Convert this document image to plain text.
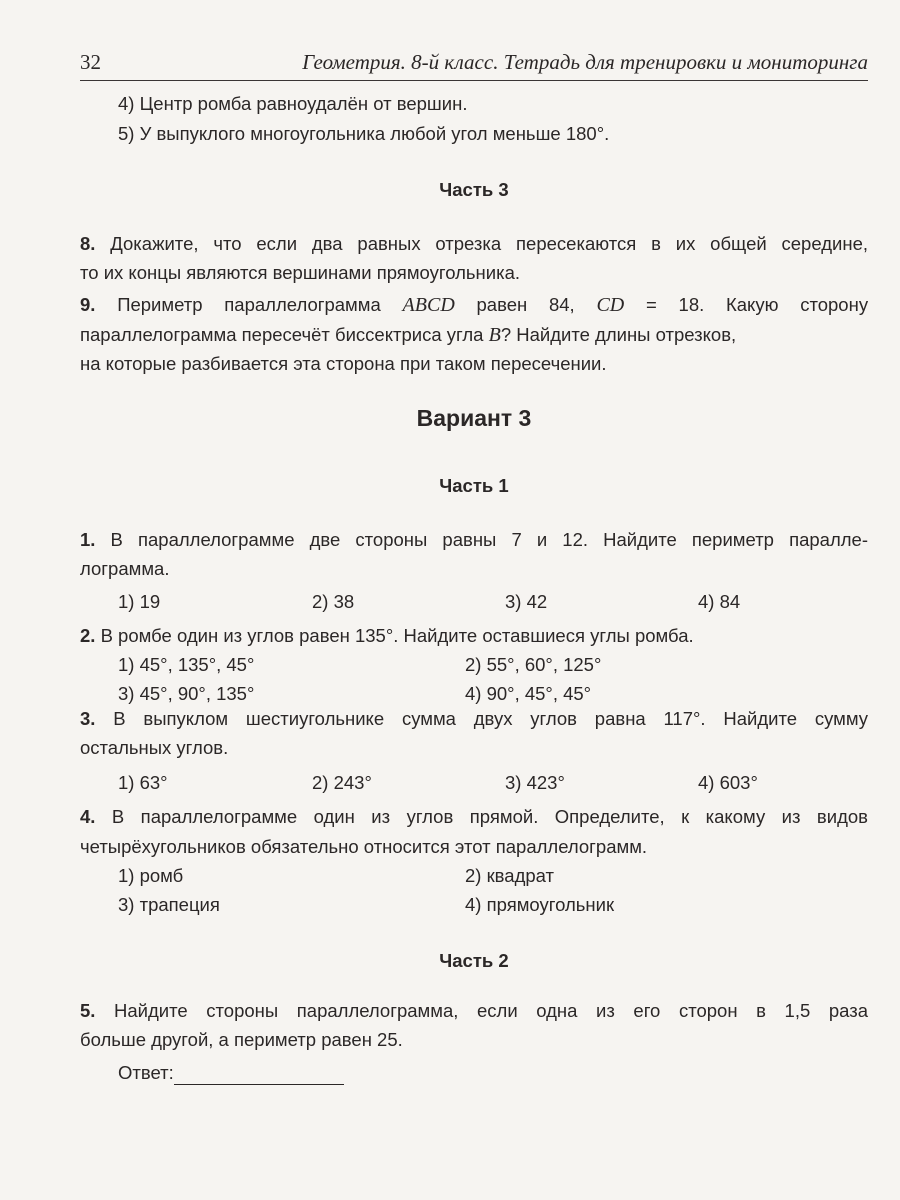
32	Геометрия. 8-й класс. Тетрадь для тренировки и мониторинга
4) Центр ромба равноудалён от вершин.
5) У выпуклого многоугольника любой угол меньше 180°.
Часть 3
8. Докажите, что если два равных отрезка пересекаются в их общей середине,
то их концы являются вершинами прямоугольника.
9. Периметр параллелограмма ABCD равен 84, CD = 18. Какую сторону
параллелограмма пересечёт биссектриса угла B? Найдите длины отрезков,
на которые разбивается эта сторона при таком пересечении.
Вариант 3
Часть 1
1. В параллелограмме две стороны равны 7 и 12. Найдите периметр паралле-
лограмма.
1) 19	2) 38	3) 42	4) 84
2. В ромбе один из углов равен 135°. Найдите оставшиеся углы ромба.
1) 45°, 135°, 45°	2) 55°, 60°, 125°
3) 45°, 90°, 135°	4) 90°, 45°, 45°
3. В выпуклом шестиугольнике сумма двух углов равна 117°. Найдите сумму
остальных углов.
1) 63°	2) 243°	3) 423°	4) 603°
4. В параллелограмме один из углов прямой. Определите, к какому из видов
четырёхугольников обязательно относится этот параллелограмм.
1) ромб	2) квадрат
3) трапеция	4) прямоугольник
Часть 2
5. Найдите стороны параллелограмма, если одна из его сторон в 1,5 раза
больше другой, а периметр равен 25.
Ответ:
